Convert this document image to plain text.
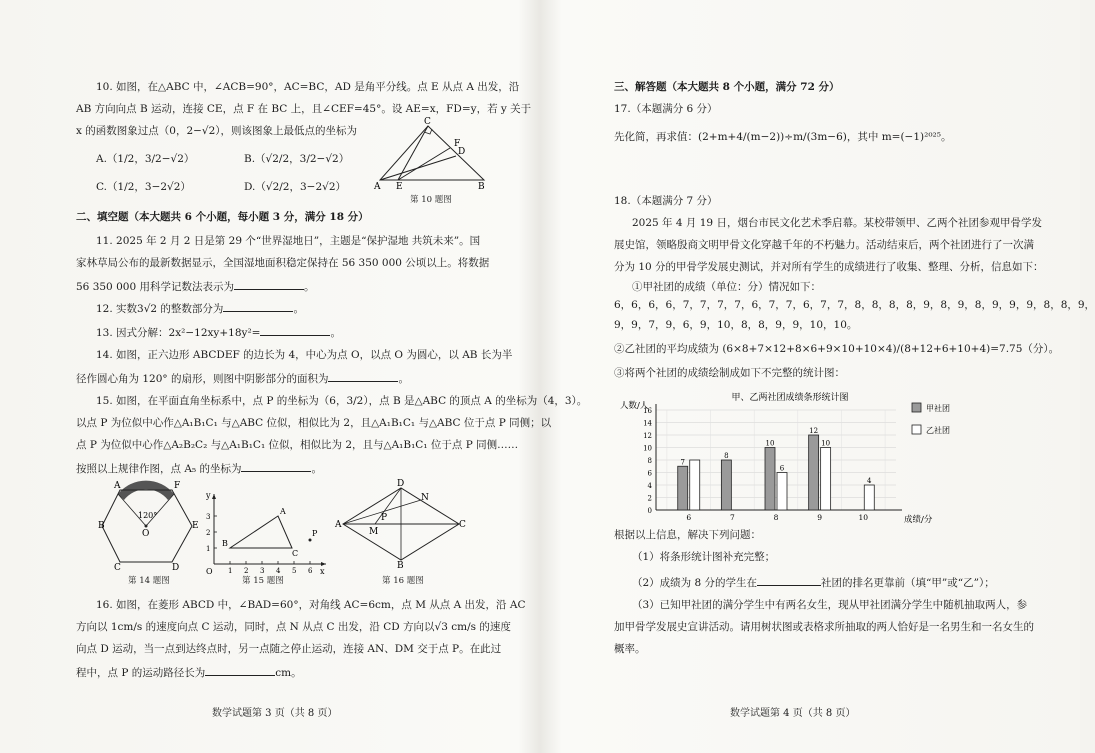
10. 如图，在△ABC 中，∠ACB=90°，AC=BC，AD 是角平分线。点 E 从点 A 出发，沿
AB 方向向点 B 运动，连接 CE，点 F 在 BC 上，且∠CEF=45°。设 AE=x，FD=y，若 y 关于
x 的函数图象过点（0，2−√2），则该图象上最低点的坐标为
A.（1/2，3/2−√2）	B.（√2/2，3/2−√2）
C.（1/2，3−2√2）	D.（√2/2，3−2√2）
C
D
F
A E	B
第 10 题图
二、填空题（本大题共 6 个小题，每小题 3 分，满分 18 分）
11. 2025 年 2 月 2 日是第 29 个“世界湿地日”，主题是“保护湿地 共筑未来”。国
家林草局公布的最新数据显示，全国湿地面积稳定保持在 56 350 000 公顷以上。将数据
56 350 000 用科学记数法表示为	。
12. 实数3√2 的整数部分为	。
13. 因式分解：2x²−12xy+18y²=	。
14. 如图，正六边形 ABCDEF 的边长为 4，中心为点 O，以点 O 为圆心，以 AB 长为半
径作圆心角为 120° 的扇形，则图中阴影部分的面积为	。
15. 如图，在平面直角坐标系中，点 P 的坐标为（6，3/2），点 B 是△ABC 的顶点 A 的坐标为（4，3）。
以点 P 为位似中心作△A₁B₁C₁ 与△ABC 位似，相似比为 2，且△A₁B₁C₁ 与△ABC 位于点 P 同侧；以
点 P 为位似中心作△A₂B₂C₂ 与△A₁B₁C₁ 位似，相似比为 2，且与△A₁B₁C₁ 位于点 P 同侧……
按照以上规律作图，点 A₅ 的坐标为	。
A	F
B	E
C	D
O
120°
第 14 题图
y
x
O
A
B
C
P
1
2
3
1 2 3 4 5 6
第 15 题图
A
D
C
B
M
N
P
第 16 题图
16. 如图，在菱形 ABCD 中，∠BAD=60°，对角线 AC=6cm，点 M 从点 A 出发，沿 AC
方向以 1cm/s 的速度向点 C 运动，同时，点 N 从点 C 出发，沿 CD 方向以√3 cm/s 的速度
向点 D 运动，当一点到达终点时，另一点随之停止运动，连接 AN、DM 交于点 P。在此过
程中，点 P 的运动路径长为	cm。
数学试题第 3 页（共 8 页）
三、解答题（本大题共 8 个小题，满分 72 分）
17.（本题满分 6 分）
先化简，再求值：(2+m+4/(m−2))÷m/(3m−6)，其中 m=(−1)²⁰²⁵。
18.（本题满分 7 分）
2025 年 4 月 19 日，烟台市民文化艺术季启幕。某校带领甲、乙两个社团参观甲骨学发
展史馆，领略殷商文明甲骨文化穿越千年的不朽魅力。活动结束后，两个社团进行了一次满
分为 10 分的甲骨学发展史测试，并对所有学生的成绩进行了收集、整理、分析，信息如下：
①甲社团的成绩（单位：分）情况如下：
6，6，6，6，7，7，7，7，6，7，7，6，7，7，8，8，8，8，9，8，9，8，9，9，9，8，8，9，
9，9，7，9，6，9，10，8，8，9，9，10，10。
②乙社团的平均成绩为 (6×8+7×12+8×6+9×10+10×4)/(8+12+6+10+4)=7.75（分）。
③将两个社团的成绩绘制成如下不完整的统计图：
甲、乙两社团成绩条形统计图
人数/人
成绩/分
0
2
4
6
8
10
12
14
16
7
6
8
7
10
6
8
12
10
9
4
10
甲社团
乙社团
根据以上信息，解决下列问题：
（1）将条形统计图补充完整；
（2）成绩为 8 分的学生在	社团的排名更靠前（填“甲”或“乙”）；
（3）已知甲社团的满分学生中有两名女生，现从甲社团满分学生中随机抽取两人，参
加甲骨学发展史宣讲活动。请用树状图或表格求所抽取的两人恰好是一名男生和一名女生的
概率。
数学试题第 4 页（共 8 页）
